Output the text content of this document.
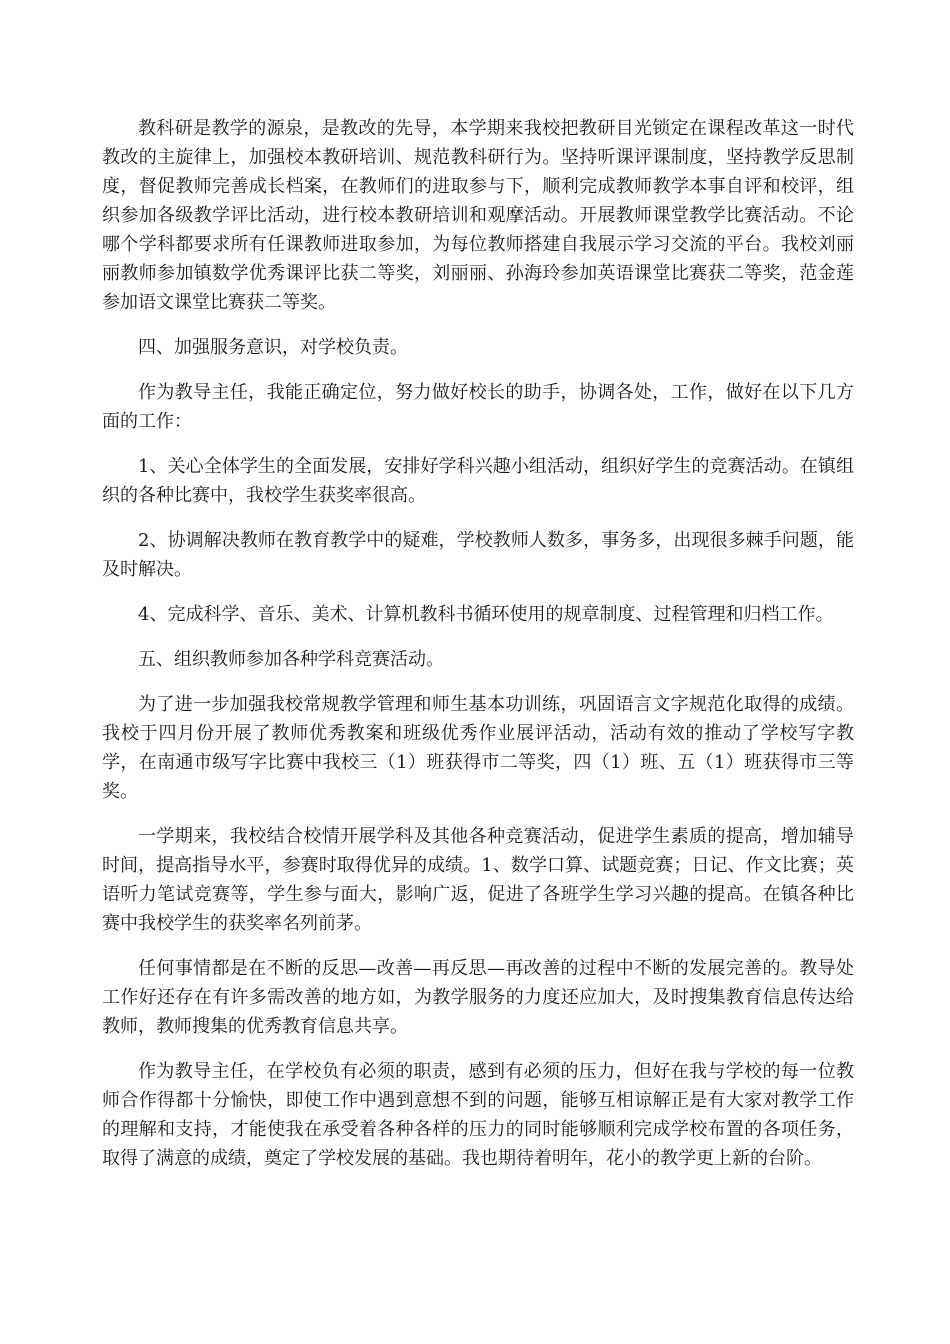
教科研是教学的源泉，是教改的先导，本学期来我校把教研目光锁定在课程改革这一时代教改的主旋律上，加强校本教研培训、规范教科研行为。坚持听课评课制度，坚持教学反思制度，督促教师完善成长档案，在教师们的进取参与下，顺利完成教师教学本事自评和校评，组织参加各级教学评比活动，进行校本教研培训和观摩活动。开展教师课堂教学比赛活动。不论哪个学科都要求所有任课教师进取参加，为每位教师搭建自我展示学习交流的平台。我校刘丽丽教师参加镇数学优秀课评比获二等奖，刘丽丽、孙海玲参加英语课堂比赛获二等奖，范金莲参加语文课堂比赛获二等奖。

四、加强服务意识，对学校负责。

作为教导主任，我能正确定位，努力做好校长的助手，协调各处，工作，做好在以下几方面的工作：

1、关心全体学生的全面发展，安排好学科兴趣小组活动，组织好学生的竞赛活动。在镇组织的各种比赛中，我校学生获奖率很高。

2、协调解决教师在教育教学中的疑难，学校教师人数多，事务多，出现很多棘手问题，能及时解决。

4、完成科学、音乐、美术、计算机教科书循环使用的规章制度、过程管理和归档工作。

五、组织教师参加各种学科竞赛活动。

为了进一步加强我校常规教学管理和师生基本功训练，巩固语言文字规范化取得的成绩。我校于四月份开展了教师优秀教案和班级优秀作业展评活动，活动有效的推动了学校写字教学，在南通市级写字比赛中我校三（1）班获得市二等奖，四（1）班、五（1）班获得市三等奖。

一学期来，我校结合校情开展学科及其他各种竞赛活动，促进学生素质的提高，增加辅导时间，提高指导水平，参赛时取得优异的成绩。1、数学口算、试题竞赛；日记、作文比赛；英语听力笔试竞赛等，学生参与面大，影响广返，促进了各班学生学习兴趣的提高。在镇各种比赛中我校学生的获奖率名列前茅。

任何事情都是在不断的反思—改善—再反思—再改善的过程中不断的发展完善的。教导处工作好还存在有许多需改善的地方如，为教学服务的力度还应加大，及时搜集教育信息传达给教师，教师搜集的优秀教育信息共享。

作为教导主任，在学校负有必须的职责，感到有必须的压力，但好在我与学校的每一位教师合作得都十分愉快，即使工作中遇到意想不到的问题，能够互相谅解正是有大家对教学工作的理解和支持，才能使我在承受着各种各样的压力的同时能够顺利完成学校布置的各项任务，取得了满意的成绩，奠定了学校发展的基础。我也期待着明年，花小的教学更上新的台阶。
